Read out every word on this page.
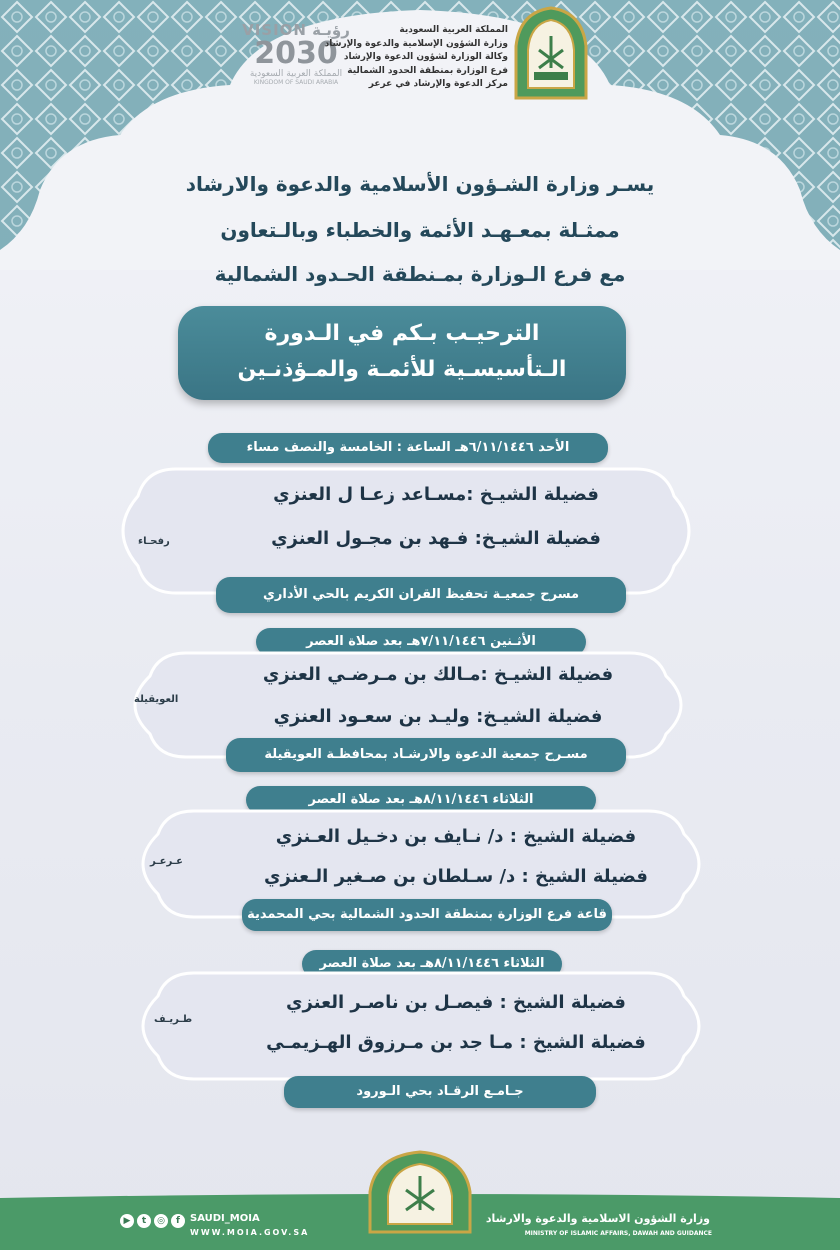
VISION رؤيـة
2030
المملكة العربية السعودية
KINGDOM OF SAUDI ARABIA
المملكة العربية السعودية
وزارة الشؤون الإسلامية والدعوة والإرشاد
وكالة الوزارة لشؤون الدعوة والإرشاد
فرع الوزارة بمنطقة الحدود الشمالية
مركز الدعوة والإرشاد في عرعر
يسـر وزارة الشـؤون الأسلامية والدعوة والارشاد
ممثـلة بمعـهـد الأئمة والخطباء وبالـتعاون
مع فرع الـوزارة بمـنطقة الحـدود الشمالية
الترحيـب بـكم في الـدورة
الـتأسيسـية للأئمـة والمـؤذنـين
الأحد ٦/١١/١٤٤٦هـ الساعة : الخامسة والنصف مساء
فضيلة الشيـخ :مسـاعد زعـا ل العنزي
فضيلة الشيـخ: فـهد بن مجـول العنزي
رفحـاء
مسرح جمعيـة تحفيظ القران الكريم بالحي الأداري
الأثـنين ٧/١١/١٤٤٦هـ بعد صلاة العصر
فضيلة الشيـخ :مـالك بن مـرضـي العنزي
فضيلة الشيـخ: وليـد بن سعـود العنزي
العويقيلة
مسـرح جمعية الدعوة والارشـاد بمحافظـة العويقيلة
الثلاثاء ٨/١١/١٤٤٦هـ بعد صلاة العصر
فضيلة الشيخ : د/ نـايف بن دخـيل العـنزي
فضيلة الشيخ : د/ سـلطان بن صـغير الـعنزي
عـرعـر
قاعة فرع الوزارة بمنطقة الحدود الشمالية بحي المحمدية
الثلاثاء ٨/١١/١٤٤٦هـ بعد صلاة العصر
فضيلة الشيخ : فيصـل بن ناصـر العنزي
فضيلة الشيخ : مـا جد بن مـرزوق الهـزيمـي
طـريـف
جـامـع الرقـاد بحي الـورود
▶	t	◎	f	SAUDI_MOIA
WWW.MOIA.GOV.SA
وزارة الشؤون الاسلامية والدعوة والارشاد
MINISTRY OF ISLAMIC AFFAIRS, DAWAH AND GUIDANCE
